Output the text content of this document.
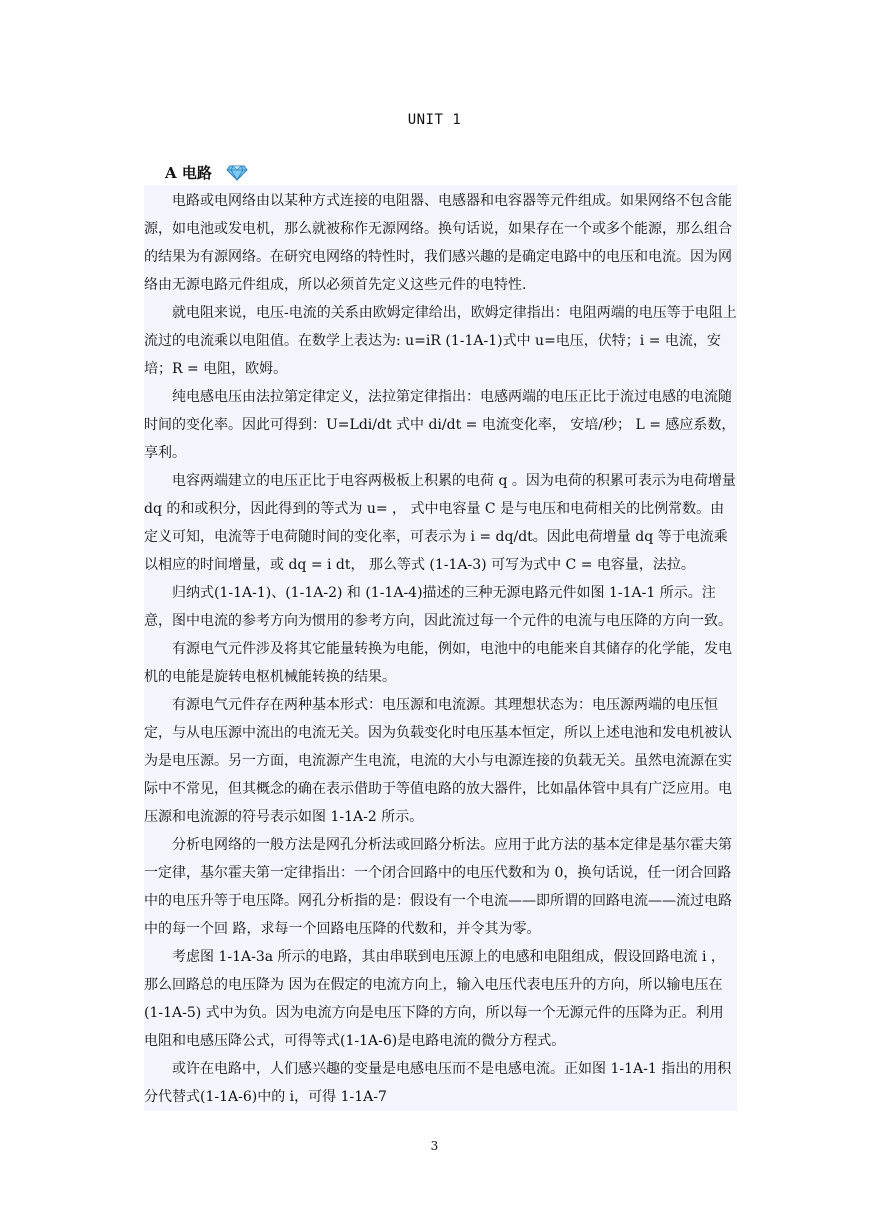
UNIT 1
A 电路

电路或电网络由以某种方式连接的电阻器、电感器和电容器等元件组成。如果网络不包含能源，如电池或发电机，那么就被称作无源网络。换句话说，如果存在一个或多个能源，那么组合的结果为有源网络。在研究电网络的特性时，我们感兴趣的是确定电路中的电压和电流。因为网络由无源电路元件组成，所以必须首先定义这些元件的电特性.

就电阻来说，电压-电流的关系由欧姆定律给出，欧姆定律指出：电阻两端的电压等于电阻上流过的电流乘以电阻值。在数学上表达为: u=iR (1-1A-1)式中 u=电压，伏特；i = 电流，安培；R = 电阻，欧姆。

纯电感电压由法拉第定律定义，法拉第定律指出：电感两端的电压正比于流过电感的电流随时间的变化率。因此可得到：U=Ldi/dt 式中 di/dt = 电流变化率， 安培/秒； L = 感应系数， 享利。

电容两端建立的电压正比于电容两极板上积累的电荷 q 。因为电荷的积累可表示为电荷增量 dq 的和或积分，因此得到的等式为 u= ， 式中电容量 C 是与电压和电荷相关的比例常数。由定义可知，电流等于电荷随时间的变化率，可表示为 i = dq/dt。因此电荷增量 dq 等于电流乘以相应的时间增量，或 dq = i dt， 那么等式 (1-1A-3) 可写为式中 C = 电容量，法拉。

归纳式(1-1A-1)、(1-1A-2) 和 (1-1A-4)描述的三种无源电路元件如图 1-1A-1 所示。注意，图中电流的参考方向为惯用的参考方向，因此流过每一个元件的电流与电压降的方向一致。

有源电气元件涉及将其它能量转换为电能，例如，电池中的电能来自其储存的化学能，发电机的电能是旋转电枢机械能转换的结果。

有源电气元件存在两种基本形式：电压源和电流源。其理想状态为：电压源两端的电压恒定，与从电压源中流出的电流无关。因为负载变化时电压基本恒定，所以上述电池和发电机被认为是电压源。另一方面，电流源产生电流，电流的大小与电源连接的负载无关。虽然电流源在实际中不常见，但其概念的确在表示借助于等值电路的放大器件，比如晶体管中具有广泛应用。电压源和电流源的符号表示如图 1-1A-2 所示。

分析电网络的一般方法是网孔分析法或回路分析法。应用于此方法的基本定律是基尔霍夫第一定律，基尔霍夫第一定律指出：一个闭合回路中的电压代数和为 0，换句话说，任一闭合回路中的电压升等于电压降。网孔分析指的是：假设有一个电流——即所谓的回路电流——流过电路中的每一个回 路，求每一个回路电压降的代数和，并令其为零。

考虑图 1-1A-3a 所示的电路，其由串联到电压源上的电感和电阻组成，假设回路电流 i ，那么回路总的电压降为 因为在假定的电流方向上，输入电压代表电压升的方向，所以输电压在 (1-1A-5) 式中为负。因为电流方向是电压下降的方向，所以每一个无源元件的压降为正。利用电阻和电感压降公式，可得等式(1-1A-6)是电路电流的微分方程式。

或许在电路中，人们感兴趣的变量是电感电压而不是电感电流。正如图 1-1A-1 指出的用积分代替式(1-1A-6)中的 i，可得 1-1A-7

3
